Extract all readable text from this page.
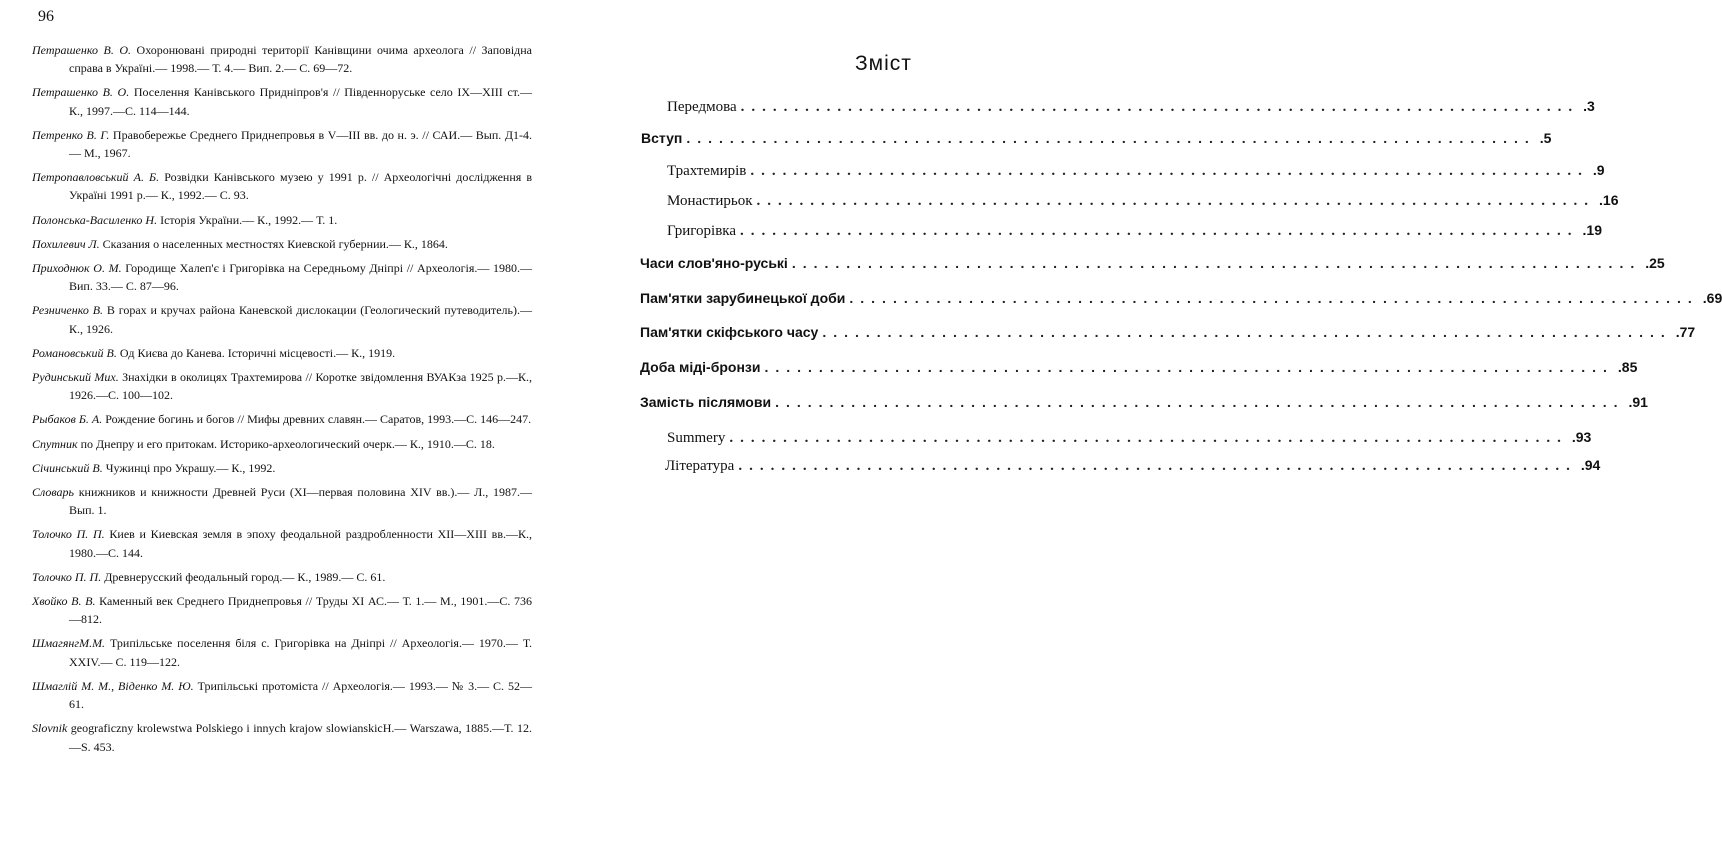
96

Петрашенко В. О. Охоронювані природні території Канівщини очима археолога // Заповідна справа в Україні.— 1998.— Т. 4.— Вип. 2.— С. 69—72.

Петрашенко В. О. Поселення Канівського Придніпров'я // Південноруське село IX—XIII ст.— К., 1997.—С. 114—144.

Петренко В. Г. Правобережье Среднего Приднепровья в V—III вв. до н. э. // САИ.— Вып. Д1-4.— М., 1967.

Петропавловський А. Б. Розвідки Канівського музею у 1991 р. // Археологічні дослідження в Україні 1991 р.— К., 1992.— С. 93.

Полонська-Василенко Н. Історія України.— К., 1992.— Т. 1.

Похилевич Л. Сказания о населенных местностях Киевской губернии.— К., 1864.

Приходнюк О. М. Городище Халеп'є і Григорівка на Середньому Дніпрі // Археологія.— 1980.— Вип. 33.— С. 87—96.

Резниченко В. В горах и кручах района Каневской дислокации (Геологический путеводитель).— К., 1926.

Романовський В. Од Києва до Канева. Історичні місцевості.— К., 1919.

Рудинський Мих. Знахідки в околицях Трахтемирова // Коротке звідомлення ВУАКза 1925 р.—К., 1926.—С. 100—102.

Рыбаков Б. А. Рождение богинь и богов // Мифы древних славян.— Саратов, 1993.—С. 146—247.

Спутник по Днепру и его притокам. Историко-археологический очерк.— К., 1910.—С. 18.

Січинський В. Чужинці про Украшу.— К., 1992.

Словарь книжников и книжности Древней Руси (XI—первая половина XIV вв.).— Л., 1987.—Вып. 1.

Толочко П. П. Киев и Киевская земля в эпоху феодальной раздробленности XII—XIII вв.—К., 1980.—С. 144.

Толочко П. П. Древнерусский феодальный город.— К., 1989.— С. 61.

Хвойко В. В. Каменный век Среднего Приднепровья // Труды XI АС.— Т. 1.— М., 1901.—С. 736—812.

ШмагянгМ.М. Трипільське поселення біля с. Григорівка на Дніпрі // Археологія.— 1970.— Т. XXIV.— С. 119—122.

Шмаглій М. М., Віденко М. Ю. Трипільські протоміста // Археологія.— 1993.— № 3.— С. 52—61.

Slovnik geograficzny krolewstwa Polskiego i innych krajow slowianskicH.— Warszawa, 1885.—T. 12.—S. 453.

Зміст
Передмова .............................................................................. .3
Вступ .............................................................................. .5
Трахтемирів .............................................................................. .9
Монастирьок .............................................................................. .16
Григорівка .............................................................................. .19
Часи слов'яно-руські .............................................................................. .25
Пам'ятки зарубинецької доби .............................................................................. .69
Пам'ятки скіфського часу .............................................................................. .77
Доба міді-бронзи .............................................................................. .85
Замість післямови .............................................................................. .91
Summery .............................................................................. .93
Література .............................................................................. .94
